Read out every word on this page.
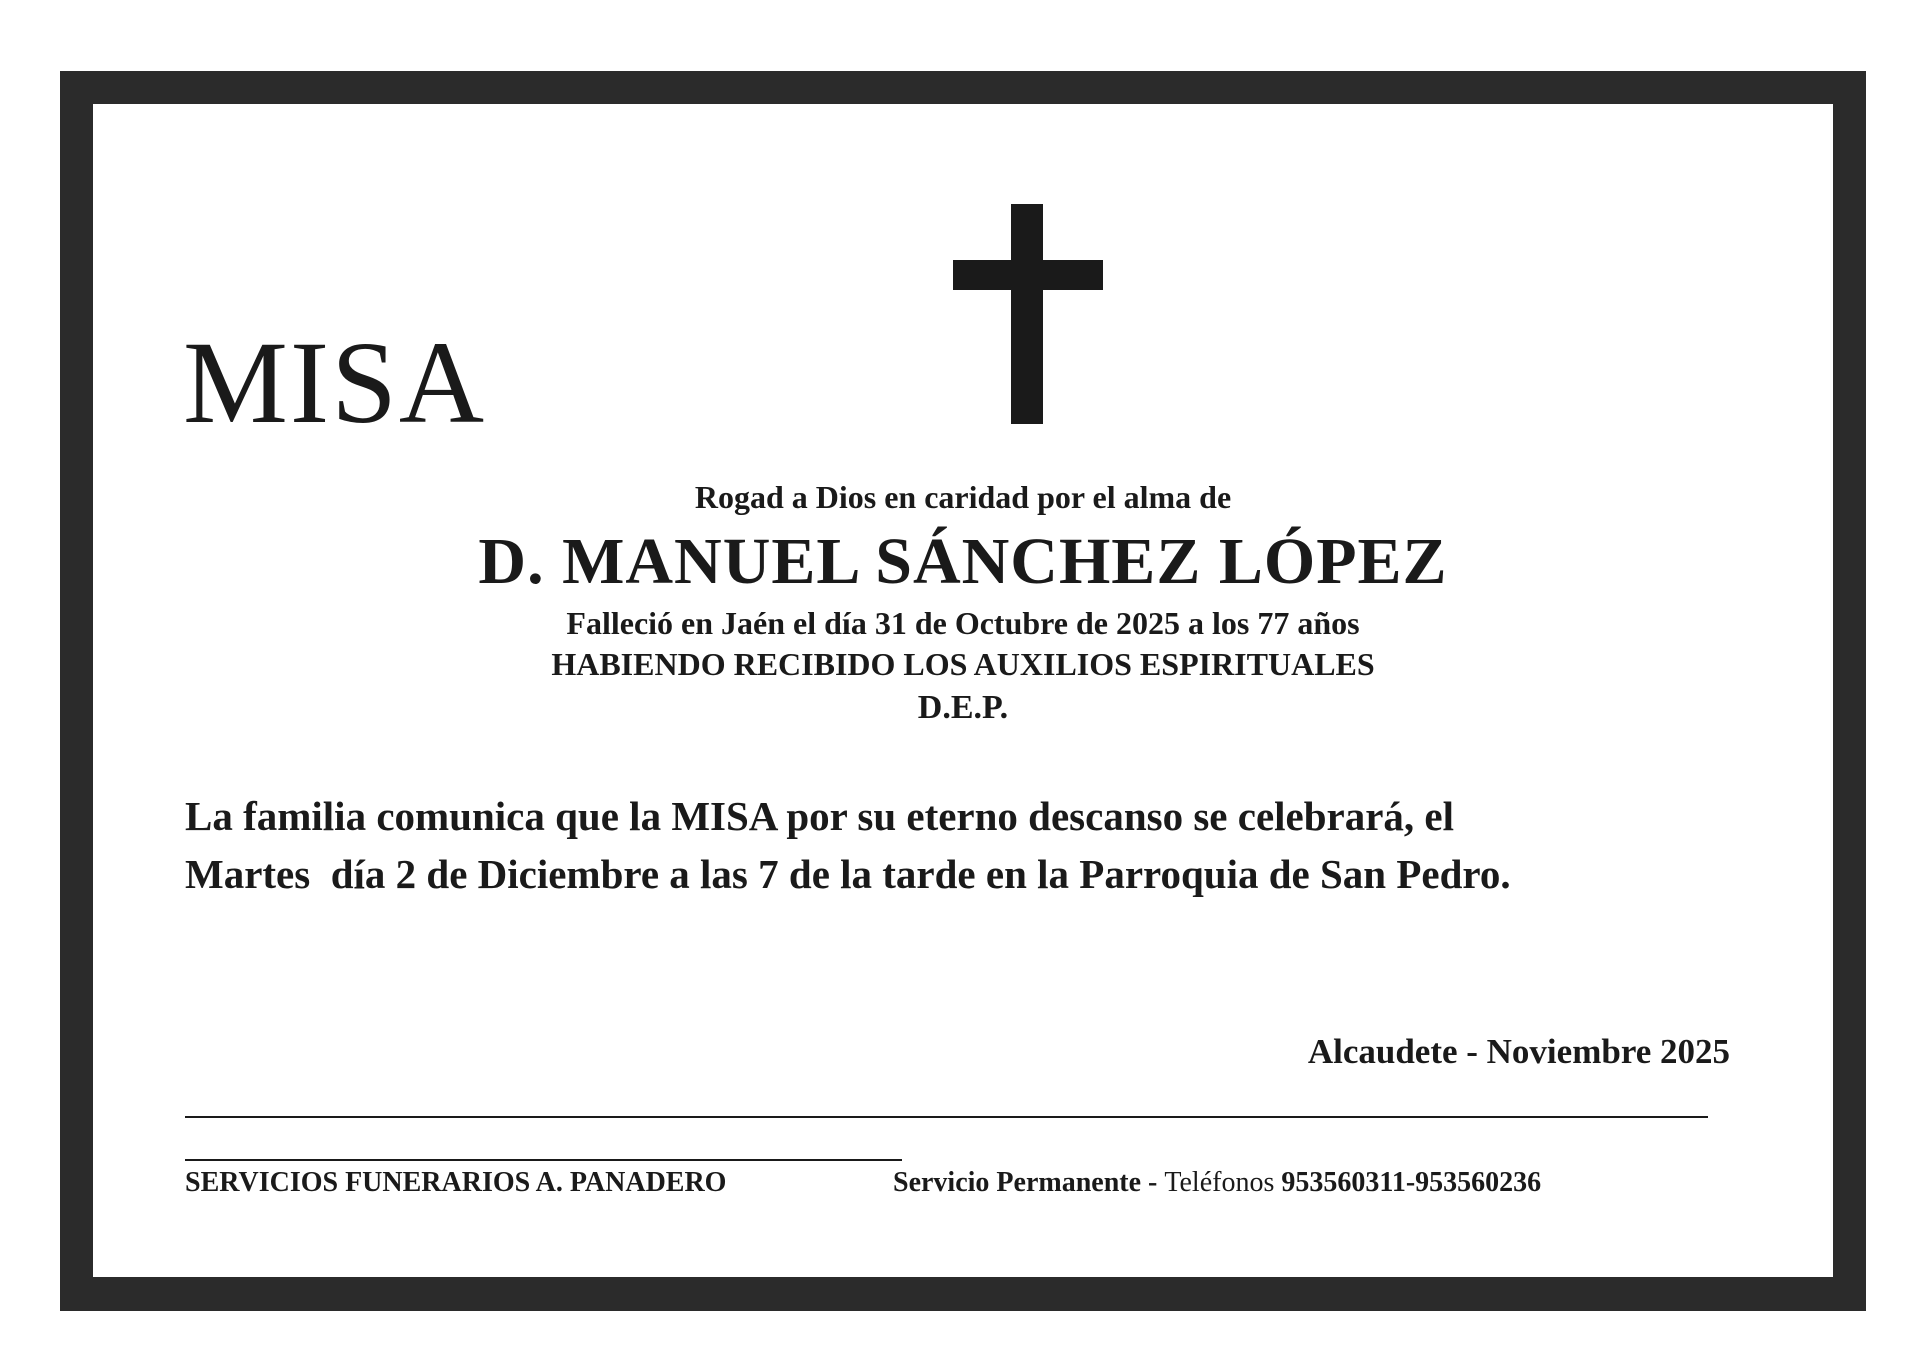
MISA
Rogad a Dios en caridad por el alma de
D. MANUEL SÁNCHEZ LÓPEZ
Falleció en Jaén el día 31 de Octubre de 2025 a los 77 años
HABIENDO RECIBIDO LOS AUXILIOS ESPIRITUALES
D.E.P.
La familia comunica que la MISA por su eterno descanso se celebrará, el
Martes  día 2 de Diciembre a las 7 de la tarde en la Parroquia de San Pedro.
Alcaudete - Noviembre 2025
SERVICIOS FUNERARIOS A. PANADERO	Servicio Permanente - Teléfonos 953560311-953560236
